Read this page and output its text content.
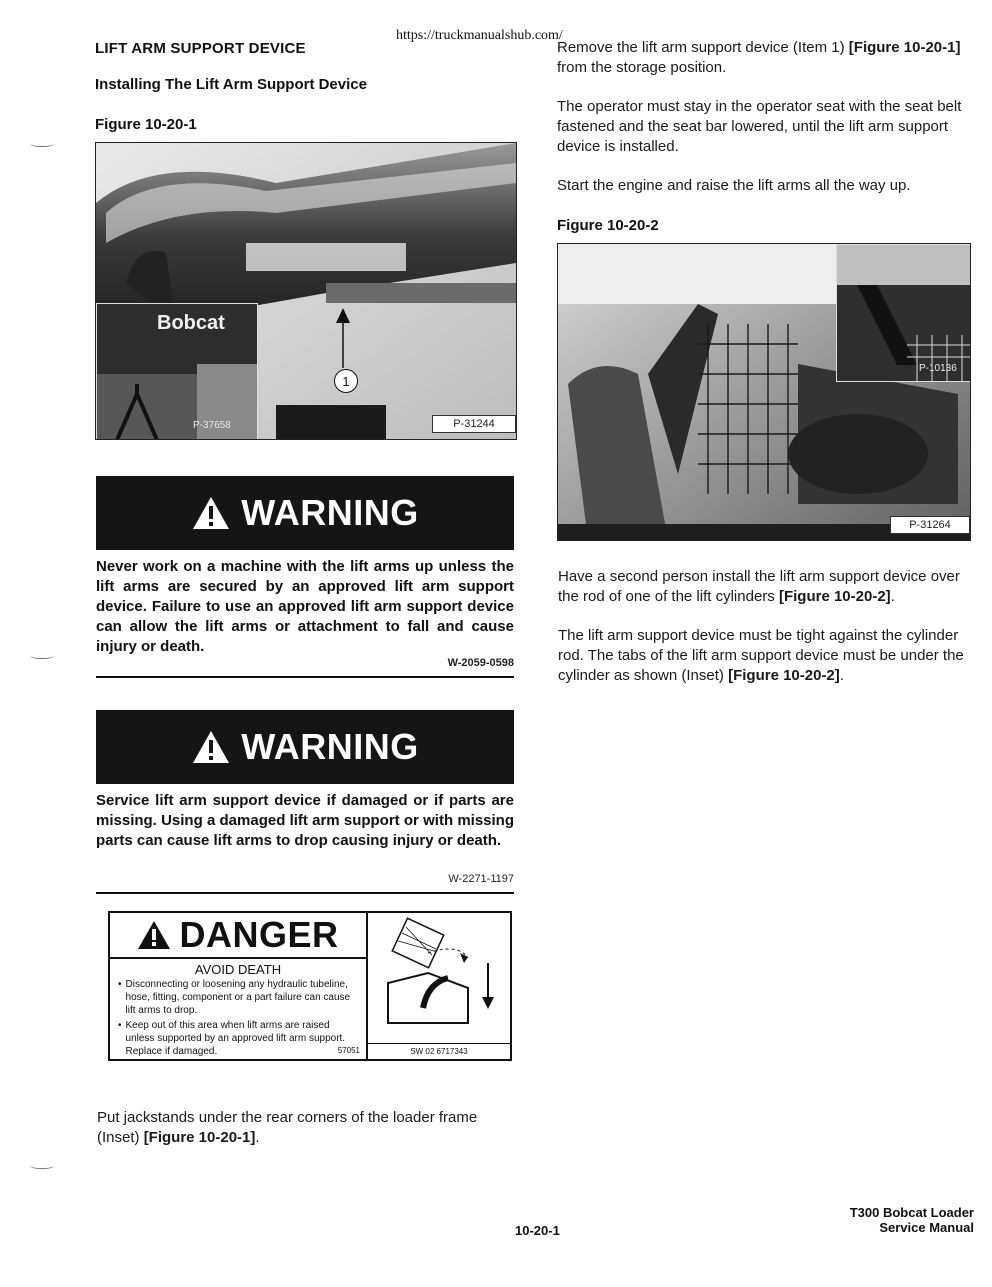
https://truckmanualshub.com/
LIFT ARM SUPPORT DEVICE
Installing The Lift Arm Support Device
Figure 10-20-1
Bobcat
P-37658
1
P-31244
WARNING
Never work on a machine with the lift arms up unless the lift arms are secured by an approved lift arm support device. Failure to use an approved lift arm support device can allow the lift arms or attachment to fall and cause injury or death.
W-2059-0598
WARNING
Service lift arm support device if damaged or if parts are missing. Using a damaged lift arm support or with missing parts can cause lift arms to drop causing injury or death.
W-2271-1197
DANGER
AVOID DEATH
• Disconnecting or loosening any hydraulic tubeline, hose, fitting, component or a part failure can cause lift arms to drop.
• Keep out of this area when lift arms are raised unless supported by an approved lift arm support. Replace if damaged.	57051	SW 02 6717343
Put jackstands under the rear corners of the loader frame (Inset) [Figure 10-20-1].
Remove the lift arm support device (Item 1) [Figure 10-20-1] from the storage position.
The operator must stay in the operator seat with the seat belt fastened and the seat bar lowered, until the lift arm support device is installed.
Start the engine and raise the lift arms all the way up.
Figure 10-20-2
P-10136
P-31264
Have a second person install the lift arm support device over the rod of one of the lift cylinders [Figure 10-20-2].
The lift arm support device must be tight against the cylinder rod. The tabs of the lift arm support device must be under the cylinder as shown (Inset) [Figure 10-20-2].
10-20-1
T300 Bobcat Loader
Service Manual
